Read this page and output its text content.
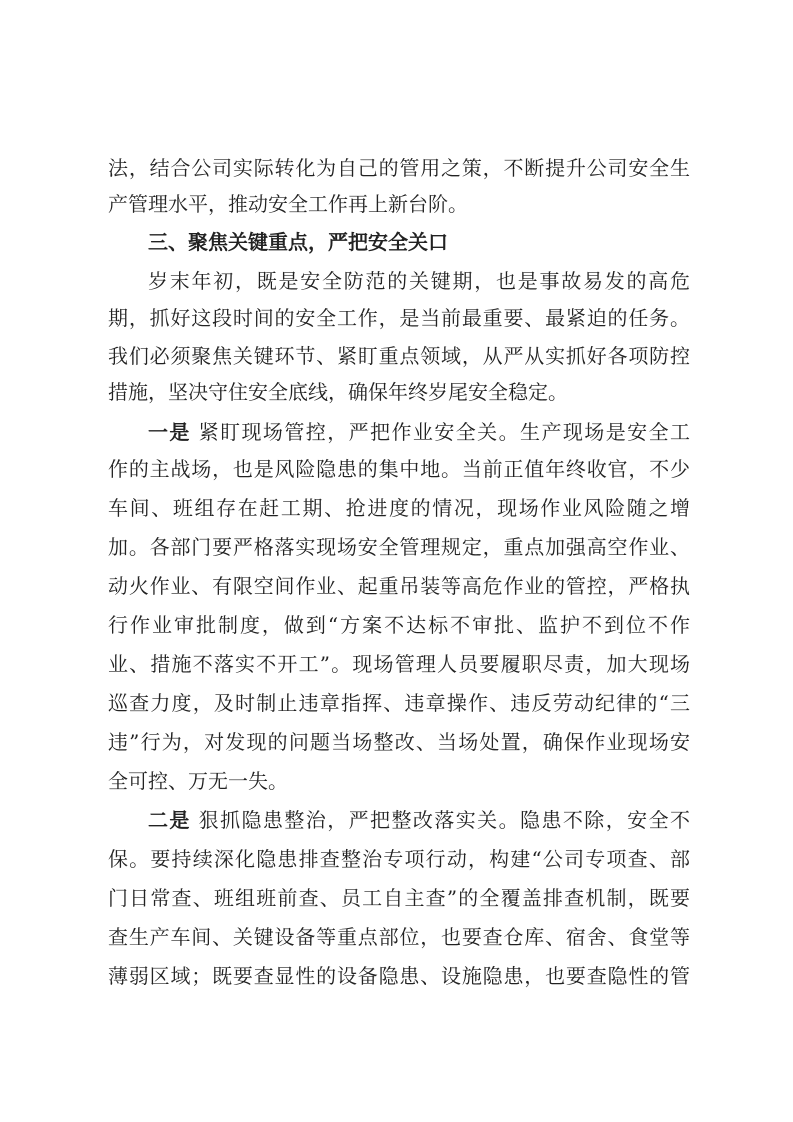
法，结合公司实际转化为自己的管用之策，不断提升公司安全生
产管理水平，推动安全工作再上新台阶。
三、聚焦关键重点，严把安全关口
岁末年初，既是安全防范的关键期，也是事故易发的高危
期，抓好这段时间的安全工作，是当前最重要、最紧迫的任务。
我们必须聚焦关键环节、紧盯重点领域，从严从实抓好各项防控
措施，坚决守住安全底线，确保年终岁尾安全稳定。
一是 紧盯现场管控，严把作业安全关。生产现场是安全工
作的主战场，也是风险隐患的集中地。当前正值年终收官，不少
车间、班组存在赶工期、抢进度的情况，现场作业风险随之增
加。各部门要严格落实现场安全管理规定，重点加强高空作业、
动火作业、有限空间作业、起重吊装等高危作业的管控，严格执
行作业审批制度，做到“方案不达标不审批、监护不到位不作
业、措施不落实不开工”。现场管理人员要履职尽责，加大现场
巡查力度，及时制止违章指挥、违章操作、违反劳动纪律的“三
违”行为，对发现的问题当场整改、当场处置，确保作业现场安
全可控、万无一失。
二是 狠抓隐患整治，严把整改落实关。隐患不除，安全不
保。要持续深化隐患排查整治专项行动，构建“公司专项查、部
门日常查、班组班前查、员工自主查”的全覆盖排查机制，既要
查生产车间、关键设备等重点部位，也要查仓库、宿舍、食堂等
薄弱区域；既要查显性的设备隐患、设施隐患，也要查隐性的管
